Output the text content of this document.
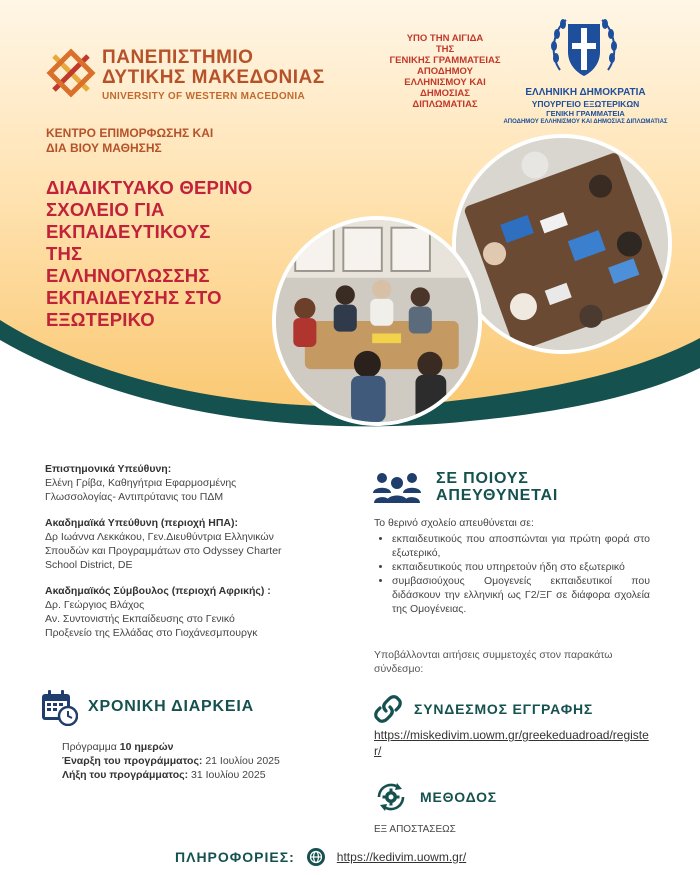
ΠΑΝΕΠΙΣΤΗΜΙΟ
ΔΥΤΙΚΗΣ ΜΑΚΕΔΟΝΙΑΣ
UNIVERSITY OF WESTERN MACEDONIA
ΥΠΟ ΤΗΝ ΑΙΓΙΔΑ
ΤΗΣ
ΓΕΝΙΚΗΣ ΓΡΑΜΜΑΤΕΙΑΣ
ΑΠΟΔΗΜΟΥ
ΕΛΛΗΝΙΣΜΟΥ ΚΑΙ
ΔΗΜΟΣΙΑΣ
ΔΙΠΛΩΜΑΤΙΑΣ
ΕΛΛΗΝΙΚΗ ΔΗΜΟΚΡΑΤΙΑ
ΥΠΟΥΡΓΕΙΟ ΕΞΩΤΕΡΙΚΩΝ
ΓΕΝΙΚΗ ΓΡΑΜΜΑΤΕΙΑ
ΑΠΟΔΗΜΟΥ ΕΛΛΗΝΙΣΜΟΥ ΚΑΙ ΔΗΜΟΣΙΑΣ ΔΙΠΛΩΜΑΤΙΑΣ
ΚΕΝΤΡΟ ΕΠΙΜΟΡΦΩΣΗΣ ΚΑΙ
ΔΙΑ ΒΙΟΥ ΜΑΘΗΣΗΣ
ΔΙΑΔΙΚΤΥΑΚΟ ΘΕΡΙΝΟ
ΣΧΟΛΕΙΟ ΓΙΑ
ΕΚΠΑΙΔΕΥΤΙΚΟΥΣ
ΤΗΣ
ΕΛΛΗΝΟΓΛΩΣΣΗΣ
ΕΚΠΑΙΔΕΥΣΗΣ ΣΤΟ
ΕΞΩΤΕΡΙΚΟ
Επιστημονικά Υπεύθυνη:
Ελένη Γρίβα, Καθηγήτρια Εφαρμοσμένης
Γλωσσολογίας- Αντιπρύτανις του ΠΔΜ
Ακαδημαϊκά Υπεύθυνη (περιοχή ΗΠΑ):
Δρ Ιωάννα Λεκκάκου, Γεν.Διευθύντρια Ελληνικών
Σπουδών και Προγραμμάτων στο Odyssey Charter
School District, DE
Ακαδημαϊκός Σύμβουλος (περιοχή Αφρικής) :
Δρ. Γεώργιος Βλάχος
Αν. Συντονιστής Εκπαίδευσης στο Γενικό
Προξενείο της Ελλάδας στο Γιοχάνεσμπουργκ
ΧΡΟΝΙΚΗ ΔΙΑΡΚΕΙΑ
Πρόγραμμα 10 ημερών
Έναρξη του προγράμματος: 21 Ιουλίου 2025
Λήξη του προγράμματος: 31 Ιουλίου 2025
ΣΕ ΠΟΙΟΥΣ
ΑΠΕΥΘΥΝΕΤΑΙ
Το θερινό σχολείο απευθύνεται σε:
• εκπαιδευτικούς που αποσπώνται για πρώτη φορά στο εξωτερικό,
• εκπαιδευτικούς που υπηρετούν ήδη στο εξωτερικό
• συμβασιούχους Ομογενείς εκπαιδευτικοί που διδάσκουν την ελληνική ως Γ2/ΞΓ σε διάφορα σχολεία της Ομογένειας.
Υποβάλλονται αιτήσεις συμμετοχές στον παρακάτω σύνδεσμο:
ΣΥΝΔΕΣΜΟΣ ΕΓΓΡΑΦΗΣ
https://miskedivim.uowm.gr/greekeduadroad/register/
ΜΕΘΟΔΟΣ
ΕΞ ΑΠΟΣΤΑΣΕΩΣ
ΠΛΗΡΟΦΟΡΙΕΣ:	https://kedivim.uowm.gr/
